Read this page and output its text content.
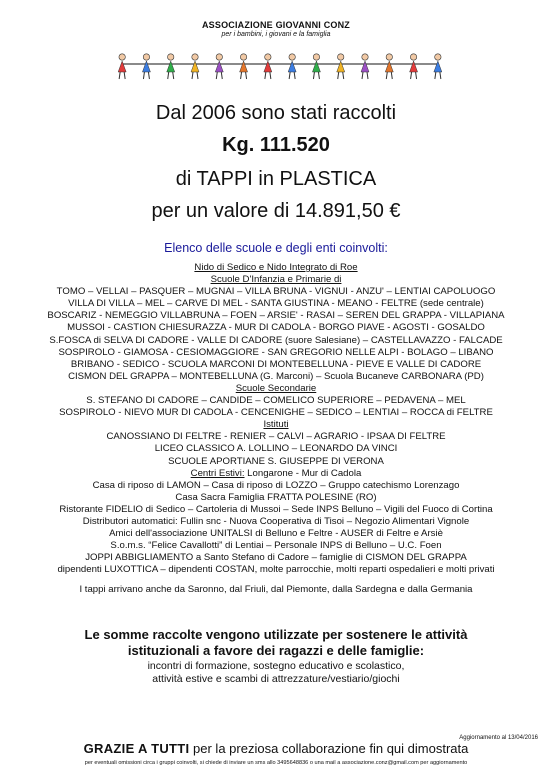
ASSOCIAZIONE GIOVANNI CONZ
per i bambini, i giovani e la famiglia
Dal 2006 sono stati raccolti
Kg. 111.520
di TAPPI in PLASTICA
per un valore di 14.891,50 €
Elenco delle scuole e degli enti coinvolti:
Nido di Sedico e Nido Integrato di Roe
Scuole D'Infanzia e Primarie di
TOMO – VELLAI – PASQUER – MUGNAI – VILLA BRUNA - VIGNUI - ANZU' – LENTIAI CAPOLUOGO
VILLA DI VILLA – MEL – CARVE DI MEL - SANTA GIUSTINA - MEANO - FELTRE (sede centrale)
BOSCARIZ - NEMEGGIO VILLABRUNA – FOEN – ARSIE' - RASAI – SEREN DEL GRAPPA - VILLAPIANA
MUSSOI - CASTION CHIESURAZZA - MUR DI CADOLA - BORGO PIAVE - AGOSTI - GOSALDO
S.FOSCA di SELVA DI CADORE - VALLE DI CADORE (suore Salesiane) – CASTELLAVAZZO - FALCADE
SOSPIROLO - GIAMOSA - CESIOMAGGIORE - SAN GREGORIO NELLE ALPI - BOLAGO – LIBANO
BRIBANO - SEDICO - SCUOLA MARCONI DI MONTEBELLUNA - PIEVE E VALLE DI CADORE
CISMON DEL GRAPPA – MONTEBELLUNA (G. Marconi) – Scuola Bucaneve CARBONARA (PD)
Scuole Secondarie
S. STEFANO DI CADORE – CANDIDE – COMELICO SUPERIORE – PEDAVENA – MEL
SOSPIROLO - NIEVO MUR DI CADOLA - CENCENIGHE – SEDICO – LENTIAI – ROCCA di FELTRE
Istituti
CANOSSIANO DI FELTRE - RENIER – CALVI – AGRARIO - IPSAA DI FELTRE
LICEO CLASSICO A. LOLLINO – LEONARDO DA VINCI
SCUOLE APORTIANE S. GIUSEPPE DI VERONA
Centri Estivi: Longarone - Mur di Cadola
Casa di riposo di LAMON – Casa di riposo di LOZZO – Gruppo catechismo Lorenzago
Casa Sacra Famiglia FRATTA POLESINE (RO)
Ristorante FIDELIO di Sedico – Cartoleria di Mussoi – Sede INPS Belluno – Vigili del Fuoco di Cortina
Distributori automatici: Fullin snc - Nuova Cooperativa di Tisoi – Negozio Alimentari Vignole
Amici dell'associazione UNITALSI di Belluno e Feltre - AUSER di Feltre e Arsiè
S.o.m.s. “Felice Cavallotti” di Lentiai – Personale INPS di Belluno – U.C. Foen
JOPPI ABBIGLIAMENTO a Santo Stefano di Cadore – famiglie di CISMON DEL GRAPPA
dipendenti LUXOTTICA – dipendenti COSTAN, molte parrocchie, molti reparti ospedalieri e molti privati
I tappi arrivano anche da Saronno, dal Friuli, dal Piemonte, dalla Sardegna e dalla Germania
Le somme raccolte vengono utilizzate per sostenere le attività
istituzionali a favore dei ragazzi e delle famiglie:
incontri di formazione, sostegno educativo e scolastico,
attività estive e scambi di attrezzature/vestiario/giochi
Aggiornamento al 13/04/2016
GRAZIE A TUTTI per la preziosa collaborazione fin qui dimostrata
per eventuali omissioni circa i gruppi coinvolti, si chiede di inviare un sms allo 3495648836 o una mail a associazione.conz@gmail.com per aggiornamento
